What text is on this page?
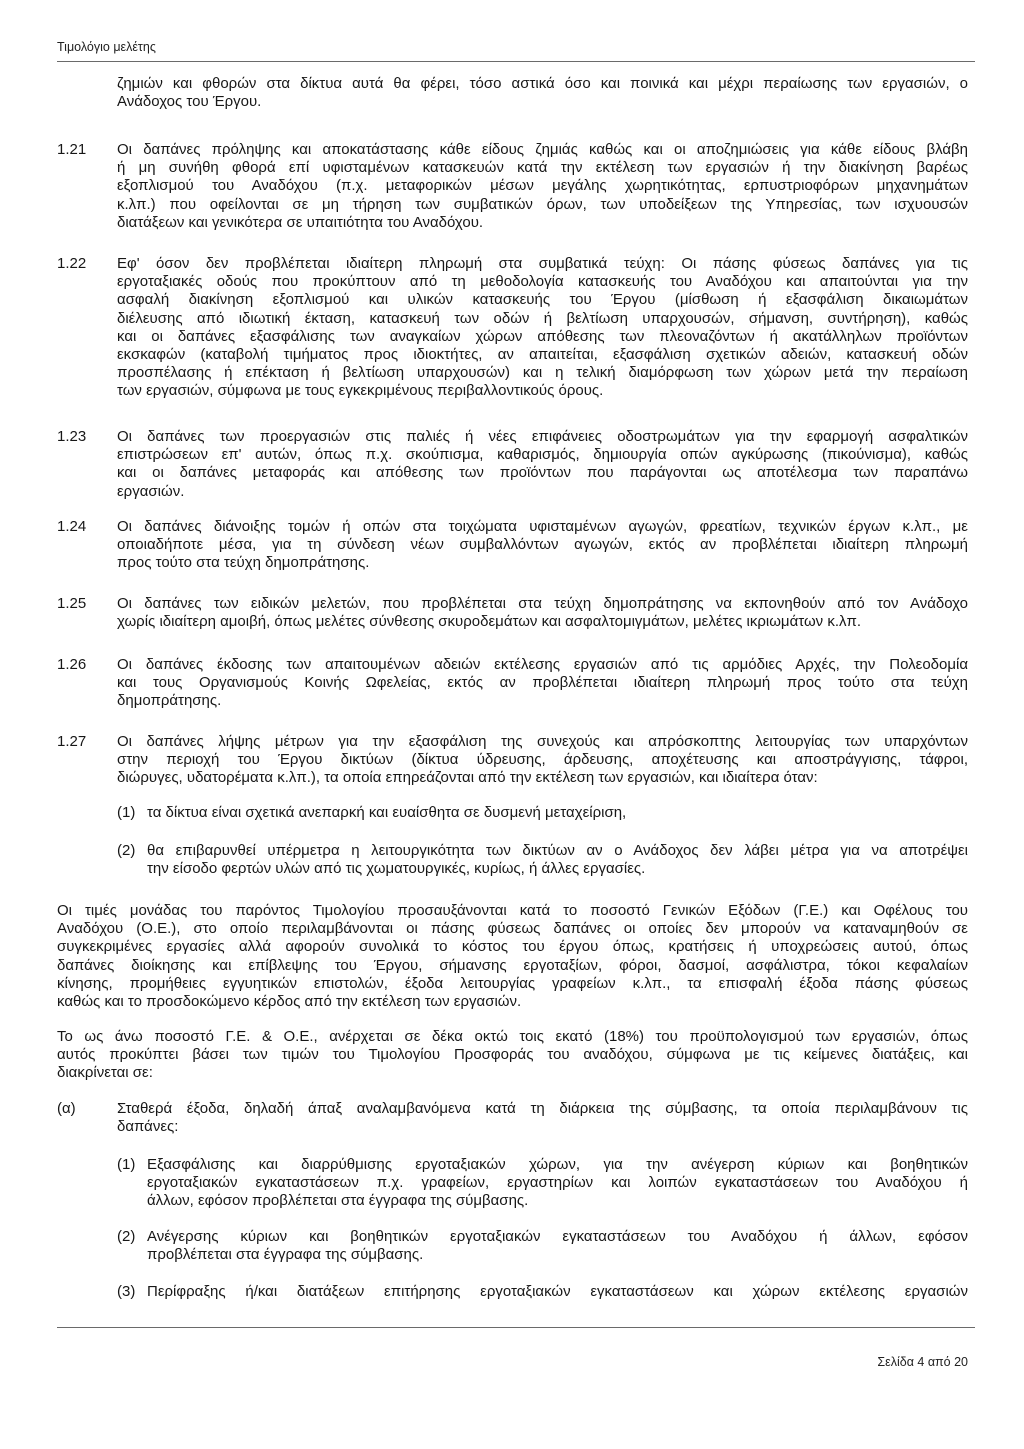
Τιμολόγιο μελέτης
ζημιών και φθορών στα δίκτυα αυτά θα φέρει, τόσο αστικά όσο και ποινικά και μέχρι περαίωσης των εργασιών, ο
Ανάδοχος του Έργου.
1.21 Οι δαπάνες πρόληψης και αποκατάστασης κάθε είδους ζημιάς καθώς και οι αποζημιώσεις για κάθε είδους βλάβη
ή μη συνήθη φθορά επί υφισταμένων κατασκευών κατά την εκτέλεση των εργασιών ή την διακίνηση βαρέως
εξοπλισμού του Αναδόχου (π.χ. μεταφορικών μέσων μεγάλης χωρητικότητας, ερπυστριοφόρων μηχανημάτων
κ.λπ.) που οφείλονται σε μη τήρηση των συμβατικών όρων, των υποδείξεων της Υπηρεσίας, των ισχυουσών
διατάξεων και γενικότερα σε υπαιτιότητα του Αναδόχου.
1.22 Εφ' όσον δεν προβλέπεται ιδιαίτερη πληρωμή στα συμβατικά τεύχη: Οι πάσης φύσεως δαπάνες για τις
εργοταξιακές οδούς που προκύπτουν από τη μεθοδολογία κατασκευής του Αναδόχου και απαιτούνται για την
ασφαλή διακίνηση εξοπλισμού και υλικών κατασκευής του Έργου (μίσθωση ή εξασφάλιση δικαιωμάτων
διέλευσης από ιδιωτική έκταση, κατασκευή των οδών ή βελτίωση υπαρχουσών, σήμανση, συντήρηση), καθώς
και οι δαπάνες εξασφάλισης των αναγκαίων χώρων απόθεσης των πλεοναζόντων ή ακατάλληλων προϊόντων
εκσκαφών (καταβολή τιμήματος προς ιδιοκτήτες, αν απαιτείται, εξασφάλιση σχετικών αδειών, κατασκευή οδών
προσπέλασης ή επέκταση ή βελτίωση υπαρχουσών) και η τελική διαμόρφωση των χώρων μετά την περαίωση
των εργασιών, σύμφωνα με τους εγκεκριμένους περιβαλλοντικούς όρους.
1.23 Οι δαπάνες των προεργασιών στις παλιές ή νέες επιφάνειες οδοστρωμάτων για την εφαρμογή ασφαλτικών
επιστρώσεων επ' αυτών, όπως π.χ. σκούπισμα, καθαρισμός, δημιουργία οπών αγκύρωσης (πικούνισμα), καθώς
και οι δαπάνες μεταφοράς και απόθεσης των προϊόντων που παράγονται ως αποτέλεσμα των παραπάνω
εργασιών.
1.24 Οι δαπάνες διάνοιξης τομών ή οπών στα τοιχώματα υφισταμένων αγωγών, φρεατίων, τεχνικών έργων κ.λπ., με
οποιαδήποτε μέσα, για τη σύνδεση νέων συμβαλλόντων αγωγών, εκτός αν προβλέπεται ιδιαίτερη πληρωμή
προς τούτο στα τεύχη δημοπράτησης.
1.25 Οι δαπάνες των ειδικών μελετών, που προβλέπεται στα τεύχη δημοπράτησης να εκπονηθούν από τον Ανάδοχο
χωρίς ιδιαίτερη αμοιβή, όπως μελέτες σύνθεσης σκυροδεμάτων και ασφαλτομιγμάτων, μελέτες ικριωμάτων κ.λπ.
1.26 Οι δαπάνες έκδοσης των απαιτουμένων αδειών εκτέλεσης εργασιών από τις αρμόδιες Αρχές, την Πολεοδομία
και τους Οργανισμούς Κοινής Ωφελείας, εκτός αν προβλέπεται ιδιαίτερη πληρωμή προς τούτο στα τεύχη
δημοπράτησης.
1.27 Οι δαπάνες λήψης μέτρων για την εξασφάλιση της συνεχούς και απρόσκοπτης λειτουργίας των υπαρχόντων
στην περιοχή του Έργου δικτύων (δίκτυα ύδρευσης, άρδευσης, αποχέτευσης και αποστράγγισης, τάφροι,
διώρυγες, υδατορέματα κ.λπ.), τα οποία επηρεάζονται από την εκτέλεση των εργασιών, και ιδιαίτερα όταν:
(1) τα δίκτυα είναι σχετικά ανεπαρκή και ευαίσθητα σε δυσμενή μεταχείριση,
(2) θα επιβαρυνθεί υπέρμετρα η λειτουργικότητα των δικτύων αν ο Ανάδοχος δεν λάβει μέτρα για να αποτρέψει
την είσοδο φερτών υλών από τις χωματουργικές, κυρίως, ή άλλες εργασίες.
Οι τιμές μονάδας του παρόντος Τιμολογίου προσαυξάνονται κατά το ποσοστό Γενικών Εξόδων (Γ.Ε.) και Οφέλους του
Αναδόχου (Ο.Ε.), στο οποίο περιλαμβάνονται οι πάσης φύσεως δαπάνες οι οποίες δεν μπορούν να καταναμηθούν σε
συγκεκριμένες εργασίες αλλά αφορούν συνολικά το κόστος του έργου όπως, κρατήσεις ή υποχρεώσεις αυτού, όπως
δαπάνες διοίκησης και επίβλεψης του Έργου, σήμανσης εργοταξίων, φόροι, δασμοί, ασφάλιστρα, τόκοι κεφαλαίων
κίνησης, προμήθειες εγγυητικών επιστολών, έξοδα λειτουργίας γραφείων κ.λπ., τα επισφαλή έξοδα πάσης φύσεως
καθώς και το προσδοκώμενο κέρδος από την εκτέλεση των εργασιών.
Το ως άνω ποσοστό Γ.Ε. & Ο.Ε., ανέρχεται σε δέκα οκτώ τοις εκατό (18%) του προϋπολογισμού των εργασιών, όπως
αυτός προκύπτει βάσει των τιμών του Τιμολογίου Προσφοράς του αναδόχου, σύμφωνα με τις κείμενες διατάξεις, και
διακρίνεται σε:
(α)	Σταθερά έξοδα, δηλαδή άπαξ αναλαμβανόμενα κατά τη διάρκεια της σύμβασης, τα οποία περιλαμβάνουν τις
δαπάνες:
(1) Εξασφάλισης και διαρρύθμισης εργοταξιακών χώρων, για την ανέγερση κύριων και βοηθητικών
εργοταξιακών εγκαταστάσεων π.χ. γραφείων, εργαστηρίων και λοιπών εγκαταστάσεων του Αναδόχου ή
άλλων, εφόσον προβλέπεται στα έγγραφα της σύμβασης.
(2) Ανέγερσης κύριων και βοηθητικών εργοταξιακών εγκαταστάσεων του Αναδόχου ή άλλων, εφόσον
προβλέπεται στα έγγραφα της σύμβασης.
(3) Περίφραξης ή/και διατάξεων επιτήρησης εργοταξιακών εγκαταστάσεων και χώρων εκτέλεσης εργασιών
Σελίδα 4 από 20
